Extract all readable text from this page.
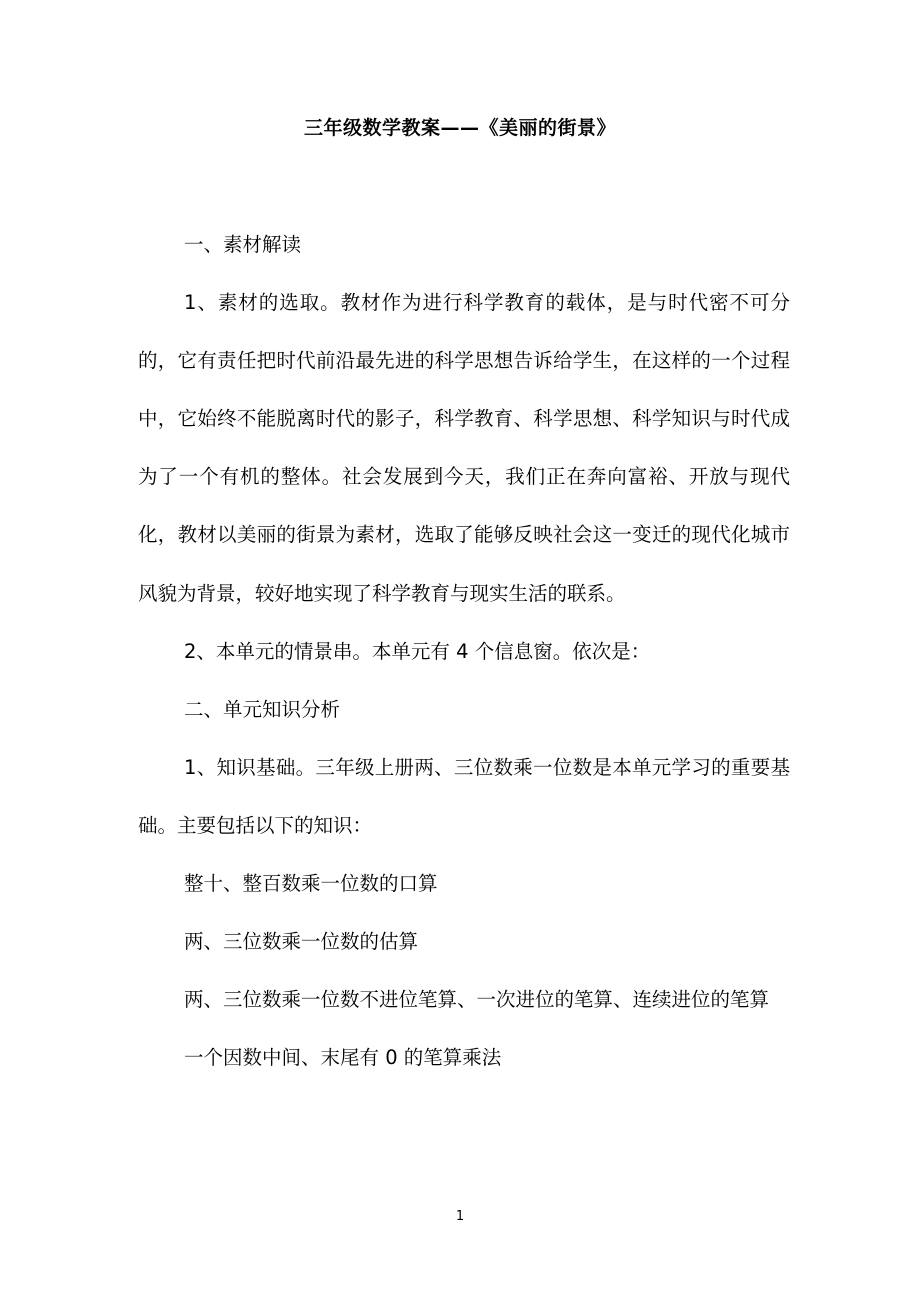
三年级数学教案——《美丽的街景》

一、素材解读

1、素材的选取。教材作为进行科学教育的载体，是与时代密不可分的，它有责任把时代前沿最先进的科学思想告诉给学生，在这样的一个过程中，它始终不能脱离时代的影子，科学教育、科学思想、科学知识与时代成为了一个有机的整体。社会发展到今天，我们正在奔向富裕、开放与现代化，教材以美丽的街景为素材，选取了能够反映社会这一变迁的现代化城市风貌为背景，较好地实现了科学教育与现实生活的联系。

2、本单元的情景串。本单元有 4 个信息窗。依次是：

二、单元知识分析

1、知识基础。三年级上册两、三位数乘一位数是本单元学习的重要基础。主要包括以下的知识：

整十、整百数乘一位数的口算

两、三位数乘一位数的估算

两、三位数乘一位数不进位笔算、一次进位的笔算、连续进位的笔算

一个因数中间、末尾有 0 的笔算乘法

1
